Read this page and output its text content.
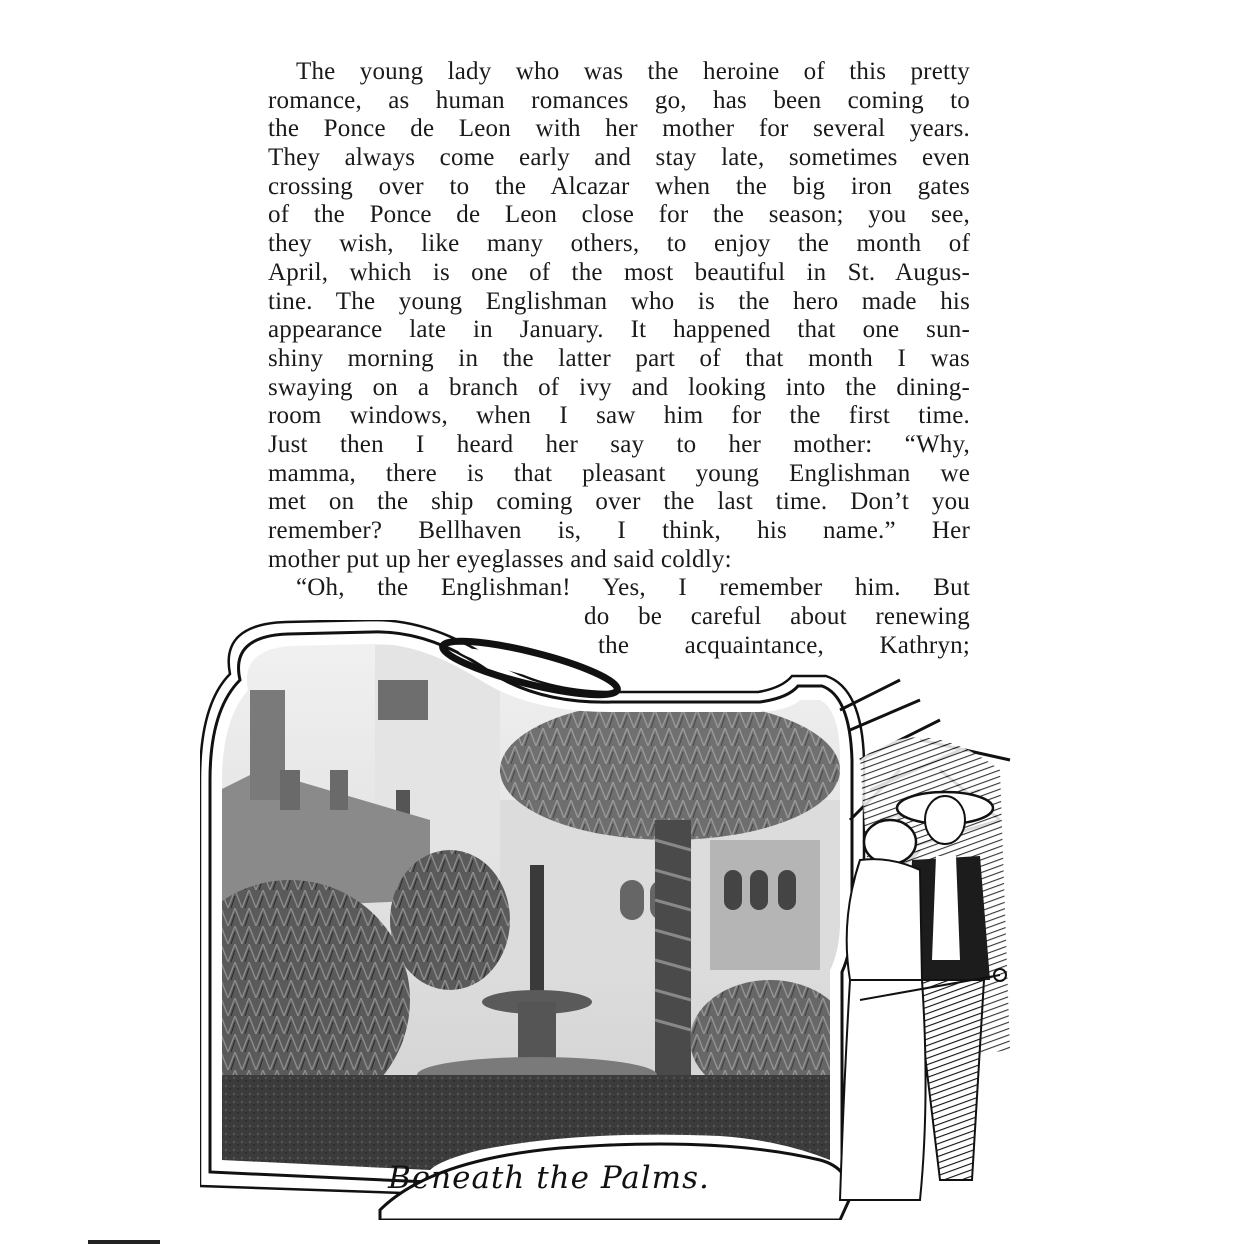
The young lady who was the heroine of this pretty
romance, as human romances go, has been coming to
the Ponce de Leon with her mother for several years.
They always come early and stay late, sometimes even
crossing over to the Alcazar when the big iron gates
of the Ponce de Leon close for the season; you see,
they wish, like many others, to enjoy the month of
April, which is one of the most beautiful in St. Augus-
tine. The young Englishman who is the hero made his
appearance late in January. It happened that one sun-
shiny morning in the latter part of that month I was
swaying on a branch of ivy and looking into the dining-
room windows, when I saw him for the first time.
Just then I heard her say to her mother: “Why,
mamma, there is that pleasant young Englishman we
met on the ship coming over the last time. Don’t you
remember? Bellhaven is, I think, his name.” Her
mother put up her eyeglasses and said coldly:
“Oh, the Englishman! Yes, I remember him. But
do be careful about renewing
the acquaintance, Kathryn;
Beneath the Palms.
